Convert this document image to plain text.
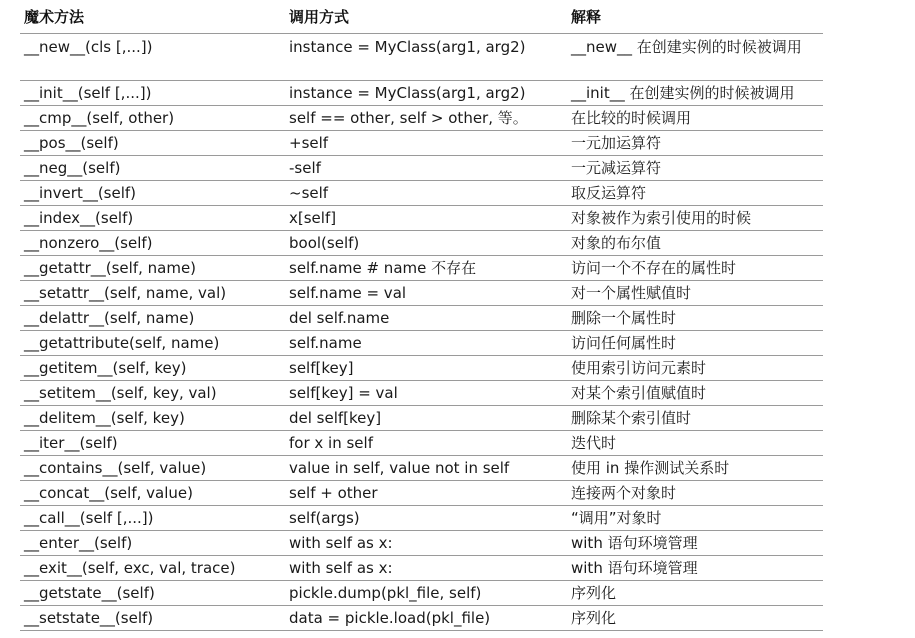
魔术方法	调用方式	解释
__new__(cls [,...])	instance = MyClass(arg1, arg2)	__new__ 在创建实例的时候被调用
__init__(self [,...])	instance = MyClass(arg1, arg2)	__init__ 在创建实例的时候被调用
__cmp__(self, other)	self == other, self > other, 等。	在比较的时候调用
__pos__(self)	+self	一元加运算符
__neg__(self)	-self	一元减运算符
__invert__(self)	~self	取反运算符
__index__(self)	x[self]	对象被作为索引使用的时候
__nonzero__(self)	bool(self)	对象的布尔值
__getattr__(self, name)	self.name # name 不存在	访问一个不存在的属性时
__setattr__(self, name, val)	self.name = val	对一个属性赋值时
__delattr__(self, name)	del self.name	删除一个属性时
__getattribute(self, name)	self.name	访问任何属性时
__getitem__(self, key)	self[key]	使用索引访问元素时
__setitem__(self, key, val)	self[key] = val	对某个索引值赋值时
__delitem__(self, key)	del self[key]	删除某个索引值时
__iter__(self)	for x in self	迭代时
__contains__(self, value)	value in self, value not in self	使用 in 操作测试关系时
__concat__(self, value)	self + other	连接两个对象时
__call__(self [,...])	self(args)	“调用”对象时
__enter__(self)	with self as x:	with 语句环境管理
__exit__(self, exc, val, trace)	with self as x:	with 语句环境管理
__getstate__(self)	pickle.dump(pkl_file, self)	序列化
__setstate__(self)	data = pickle.load(pkl_file)	序列化
